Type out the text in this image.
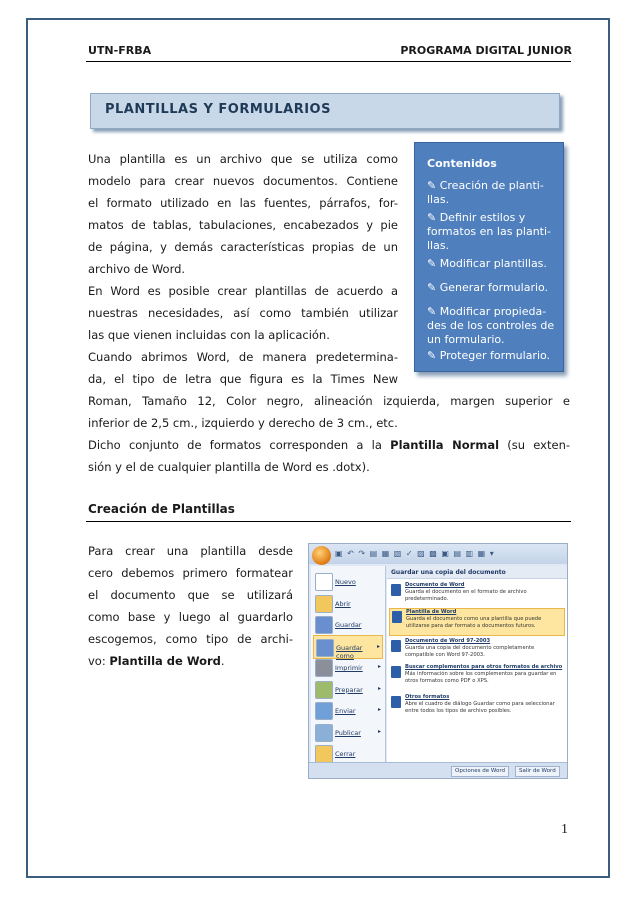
UTN-FRBA	PROGRAMA DIGITAL JUNIOR
PLANTILLAS Y FORMULARIOS
Una plantilla es un archivo que se utiliza como
modelo para crear nuevos documentos. Contiene
el formato utilizado en las fuentes, párrafos, for-
matos de tablas, tabulaciones, encabezados y pie
de página, y demás características propias de un
archivo de Word.
En Word es posible crear plantillas de acuerdo a
nuestras necesidades, así como también utilizar
las que vienen incluidas con la aplicación.
Cuando abrimos Word, de manera predetermina-
da, el tipo de letra que figura es la Times New
Roman, Tamaño 12, Color negro, alineación izquierda, margen superior e
inferior de 2,5 cm., izquierdo y derecho de 3 cm., etc.
Dicho conjunto de formatos corresponden a la Plantilla Normal (su exten-
sión y el de cualquier plantilla de Word es .dotx).
Contenidos
✎ Creación de planti-
llas.
✎ Definir estilos y
formatos en las planti-
llas.
✎ Modificar plantillas.
✎ Generar formulario.
✎ Modificar propieda-
des de los controles de
un formulario.
✎ Proteger formulario.
Creación de Plantillas
Para crear una plantilla desde
cero debemos primero formatear
el documento que se utilizará
como base y luego al guardarlo
escogemos, como tipo de archi-
vo: Plantilla de Word.
▣ ↶ ↷ ▤ ▦ ▧ ✓ ▨ ▩ ▣ ▤ ▥ ▦ ▾
Nuevo
Abrir
Guardar
Guardar como
▸
Imprimir	▸
Preparar	▸
Enviar	▸
Publicar	▸
Cerrar
Guardar una copia del documento
Documento de Word
Guarda el documento en el formato de archivo predeterminado.
Plantilla de Word
Guarda el documento como una plantilla que puede utilizarse para dar formato a documentos futuros.
Documento de Word 97-2003
Guarda una copia del documento completamente compatible con Word 97-2003.
Buscar complementos para otros formatos de archivo
Más información sobre los complementos para guardar en otros formatos como PDF o XPS.
Otros formatos
Abre el cuadro de diálogo Guardar como para seleccionar entre todos los tipos de archivo posibles.
Opciones de Word	Salir de Word
1
